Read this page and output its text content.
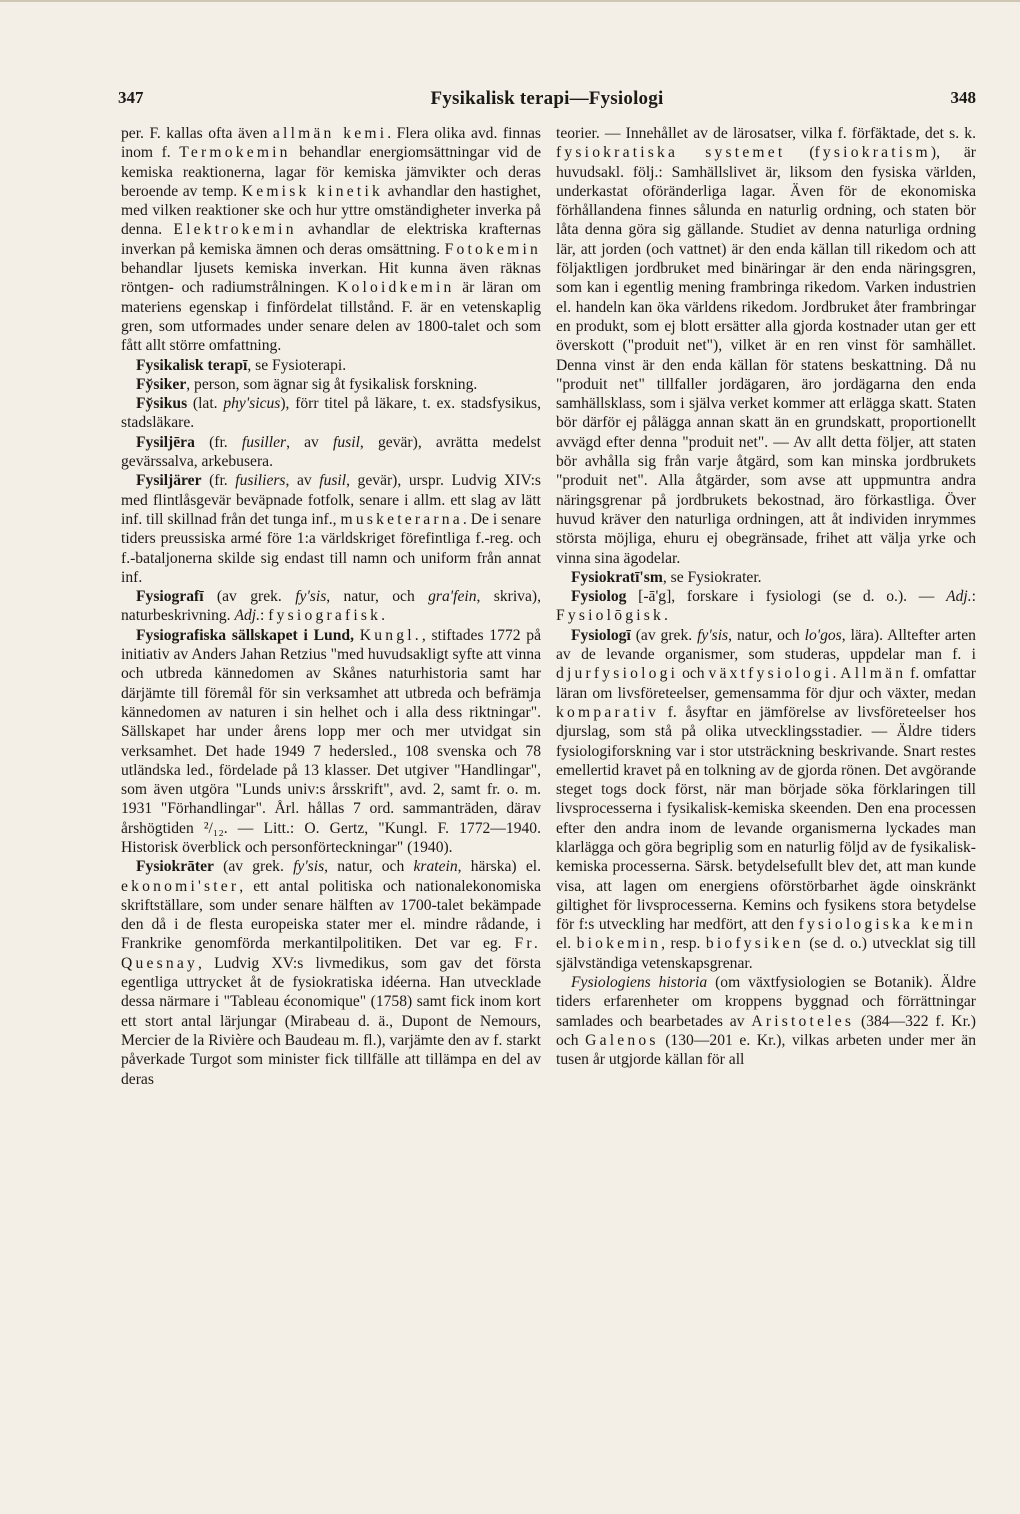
347	Fysikalisk terapi—Fysiologi	348

per. F. kallas ofta även allmän kemi. Flera olika avd. finnas inom f. Termokemin behandlar energiomsättningar vid de kemiska reaktionerna, lagar för kemiska jämvikter och deras beroende av temp. Kemisk kinetik avhandlar den hastighet, med vilken reaktioner ske och hur yttre omständigheter inverka på denna. Elektrokemin avhandlar de elektriska krafternas inverkan på kemiska ämnen och deras omsättning. Fotokemin behandlar ljusets kemiska inverkan. Hit kunna även räknas röntgen- och radiumstrålningen. Koloidkemin är läran om materiens egenskap i finfördelat tillstånd. F. är en vetenskaplig gren, som utformades under senare delen av 1800-talet och som fått allt större omfattning.

Fysikalisk terapī, se Fysioterapi.

Fy̆siker, person, som ägnar sig åt fysikalisk forskning.

Fy̆sikus (lat. phy'sicus), förr titel på läkare, t. ex. stadsfysikus, stadsläkare.

Fysiljēra (fr. fusiller, av fusil, gevär), avrätta medelst gevärssalva, arkebusera.

Fysiljärer (fr. fusiliers, av fusil, gevär), urspr. Ludvig XIV:s med flintlåsgevär beväpnade fotfolk, senare i allm. ett slag av lätt inf. till skillnad från det tunga inf., musketerarna. De i senare tiders preussiska armé före 1:a världskriget förefintliga f.-reg. och f.-bataljonerna skilde sig endast till namn och uniform från annat inf.

Fysiografī (av grek. fy'sis, natur, och gra'fein, skriva), naturbeskrivning. Adj.: fysiografisk.

Fysiografiska sällskapet i Lund, Kungl., stiftades 1772 på initiativ av Anders Jahan Retzius "med huvudsakligt syfte att vinna och utbreda kännedomen av Skånes naturhistoria samt har därjämte till föremål för sin verksamhet att utbreda och befrämja kännedomen av naturen i sin helhet och i alla dess riktningar". Sällskapet har under årens lopp mer och mer utvidgat sin verksamhet. Det hade 1949 7 hedersled., 108 svenska och 78 utländska led., fördelade på 13 klasser. Det utgiver "Handlingar", som även utgöra "Lunds univ:s årsskrift", avd. 2, samt fr. o. m. 1931 "Förhandlingar". Årl. hållas 7 ord. sammanträden, därav årshögtiden ²/₁₂. — Litt.: O. Gertz, "Kungl. F. 1772—1940. Historisk överblick och personförteckningar" (1940).

Fysiokrāter (av grek. fy'sis, natur, och kratein, härska) el. ekonomi'ster, ett antal politiska och nationalekonomiska skriftställare, som under senare hälften av 1700-talet bekämpade den då i de flesta europeiska stater mer el. mindre rådande, i Frankrike genomförda merkantilpolitiken. Det var eg. Fr. Quesnay, Ludvig XV:s livmedikus, som gav det första egentliga uttrycket åt de fysiokratiska idéerna. Han utvecklade dessa närmare i "Tableau économique" (1758) samt fick inom kort ett stort antal lärjungar (Mirabeau d. ä., Dupont de Nemours, Mercier de la Rivière och Baudeau m. fl.), varjämte den av f. starkt påverkade Turgot som minister fick tillfälle att tillämpa en del av deras

teorier. — Innehållet av de lärosatser, vilka f. förfäktade, det s. k. fysiokratiska systemet (fysiokratism), är huvudsakl. följ.: Samhällslivet är, liksom den fysiska världen, underkastat oföränderliga lagar. Även för de ekonomiska förhållandena finnes sålunda en naturlig ordning, och staten bör låta denna göra sig gällande. Studiet av denna naturliga ordning lär, att jorden (och vattnet) är den enda källan till rikedom och att följaktligen jordbruket med binäringar är den enda näringsgren, som kan i egentlig mening frambringa rikedom. Varken industrien el. handeln kan öka världens rikedom. Jordbruket åter frambringar en produkt, som ej blott ersätter alla gjorda kostnader utan ger ett överskott ("produit net"), vilket är en ren vinst för samhället. Denna vinst är den enda källan för statens beskattning. Då nu "produit net" tillfaller jordägaren, äro jordägarna den enda samhällsklass, som i själva verket kommer att erlägga skatt. Staten bör därför ej pålägga annan skatt än en grundskatt, proportionellt avvägd efter denna "produit net". — Av allt detta följer, att staten bör avhålla sig från varje åtgärd, som kan minska jordbrukets "produit net". Alla åtgärder, som avse att uppmuntra andra näringsgrenar på jordbrukets bekostnad, äro förkastliga. Över huvud kräver den naturliga ordningen, att åt individen inrymmes största möjliga, ehuru ej obegränsade, frihet att välja yrke och vinna sina ägodelar.

Fysiokratī'sm, se Fysiokrater.

Fysiolog [-ā'g], forskare i fysiologi (se d. o.). — Adj.: Fysiolōgisk.

Fysiologī (av grek. fy'sis, natur, och lo'gos, lära). Alltefter arten av de levande organismer, som studeras, uppdelar man f. i djurfysiologi och växtfysiologi. Allmän f. omfattar läran om livsföreteelser, gemensamma för djur och växter, medan komparativ f. åsyftar en jämförelse av livsföreteelser hos djurslag, som stå på olika utvecklingsstadier. — Äldre tiders fysiologiforskning var i stor utsträckning beskrivande. Snart restes emellertid kravet på en tolkning av de gjorda rönen. Det avgörande steget togs dock först, när man började söka förklaringen till livsprocesserna i fysikalisk-kemiska skeenden. Den ena processen efter den andra inom de levande organismerna lyckades man klarlägga och göra begriplig som en naturlig följd av de fysikalisk-kemiska processerna. Särsk. betydelsefullt blev det, att man kunde visa, att lagen om energiens oförstörbarhet ägde oinskränkt giltighet för livsprocesserna. Kemins och fysikens stora betydelse för f:s utveckling har medfört, att den fysiologiska kemin el. biokemin, resp. biofysiken (se d. o.) utvecklat sig till självständiga vetenskapsgrenar.

Fysiologiens historia (om växtfysiologien se Botanik). Äldre tiders erfarenheter om kroppens byggnad och förrättningar samlades och bearbetades av Aristoteles (384—322 f. Kr.) och Galenos (130—201 e. Kr.), vilkas arbeten under mer än tusen år utgjorde källan för all
